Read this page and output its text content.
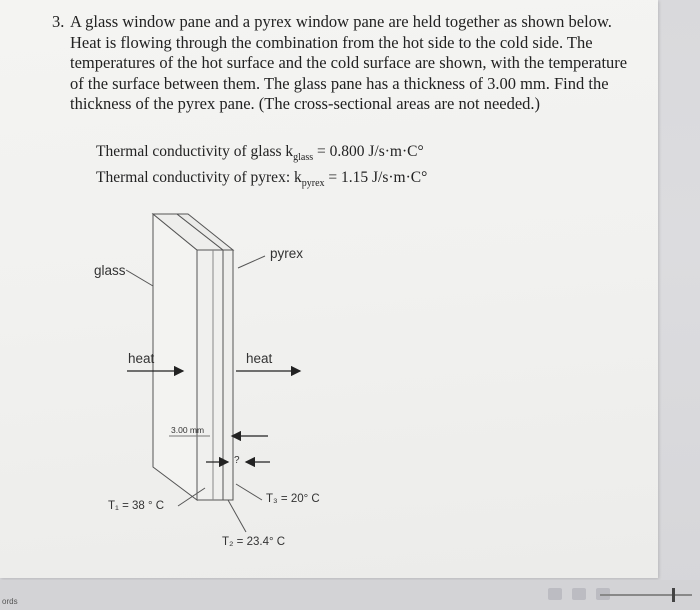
3. A glass window pane and a pyrex window pane are held together as shown below.
Heat is flowing through the combination from the hot side to the cold side. The
temperatures of the hot surface and the cold surface are shown, with the temperature
of the surface between them. The glass pane has a thickness of 3.00 mm. Find the
thickness of the pyrex pane. (The cross-sectional areas are not needed.)
Thermal conductivity of glass $k_{glass} = 0.800$ J/s·m·C°
Thermal conductivity of pyrex: $k_{pyrex} = 1.15$ J/s·m·C°
glass
pyrex
heat	heat
3.00 mm
?
T₁ = 38 ° C
T₃ = 20° C
T₂ = 23.4° C
ords
